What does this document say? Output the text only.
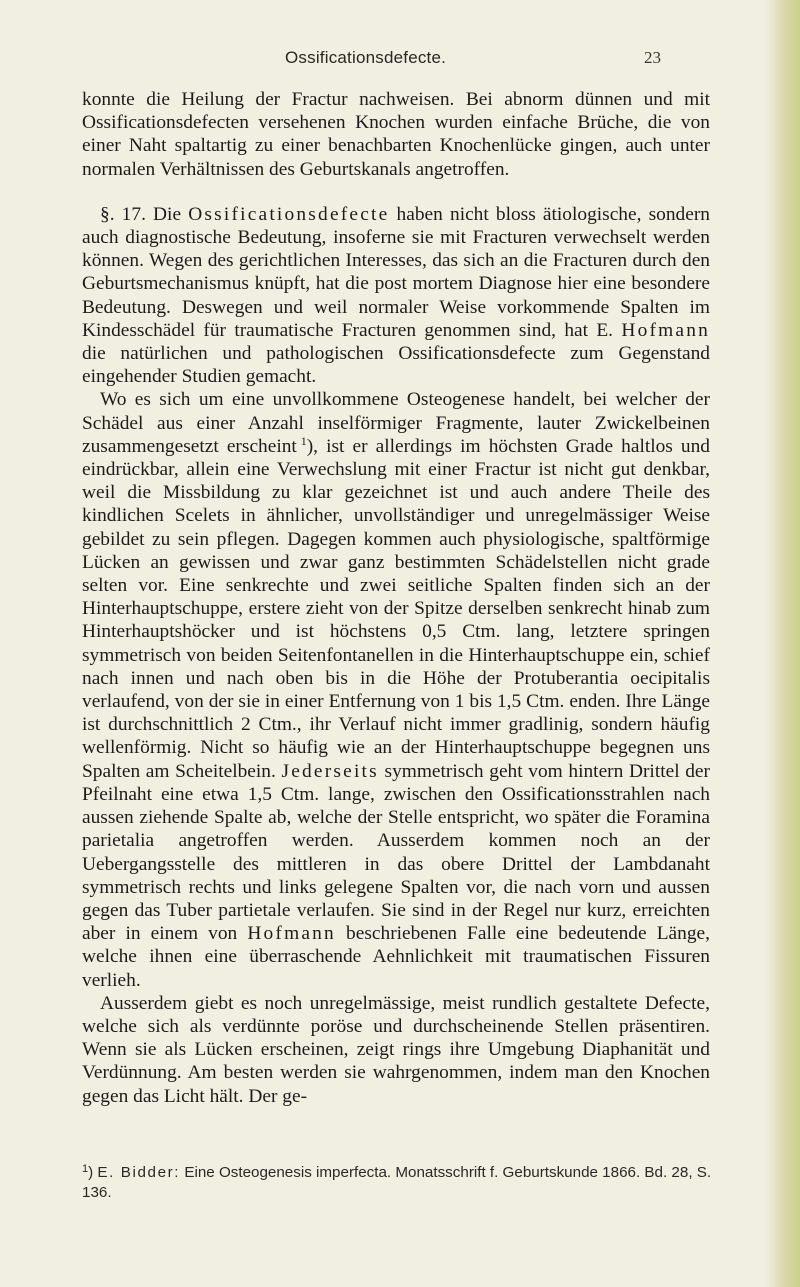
Ossificationsdefecte.	23

konnte die Heilung der Fractur nachweisen. Bei abnorm dünnen und mit Ossificationsdefecten versehenen Knochen wurden einfache Brüche, die von einer Naht spaltartig zu einer benachbarten Knochenlücke gingen, auch unter normalen Verhältnissen des Geburtskanals angetroffen.

§. 17. Die Ossificationsdefecte haben nicht bloss ätiologische, sondern auch diagnostische Bedeutung, insoferne sie mit Fracturen verwechselt werden können. Wegen des gerichtlichen Interesses, das sich an die Fracturen durch den Geburtsmechanismus knüpft, hat die post mortem Diagnose hier eine besondere Bedeutung. Deswegen und weil normaler Weise vorkommende Spalten im Kindesschädel für traumatische Fracturen genommen sind, hat E. Hofmann die natürlichen und pathologischen Ossificationsdefecte zum Gegenstand eingehender Studien gemacht.

Wo es sich um eine unvollkommene Osteogenese handelt, bei welcher der Schädel aus einer Anzahl inselförmiger Fragmente, lauter Zwickelbeinen zusammengesetzt erscheint  $^1$), ist er allerdings im höchsten Grade haltlos und eindrückbar, allein eine Verwechslung mit einer Fractur ist nicht gut denkbar, weil die Missbildung zu klar gezeichnet ist und auch andere Theile des kindlichen Scelets in ähnlicher, unvollständiger und unregelmässiger Weise gebildet zu sein pflegen. Dagegen kommen auch physiologische, spaltförmige Lücken an gewissen und zwar ganz bestimmten Schädelstellen nicht grade selten vor. Eine senkrechte und zwei seitliche Spalten finden sich an der Hinterhauptschuppe, erstere zieht von der Spitze derselben senkrecht hinab zum Hinterhauptshöcker und ist höchstens 0,5 Ctm. lang, letztere springen symmetrisch von beiden Seitenfontanellen in die Hinterhauptschuppe ein, schief nach innen und nach oben bis in die Höhe der Protuberantia oecipitalis verlaufend, von der sie in einer Entfernung von 1 bis 1,5 Ctm. enden. Ihre Länge ist durchschnittlich 2 Ctm., ihr Verlauf nicht immer gradlinig, sondern häufig wellenförmig. Nicht so häufig wie an der Hinterhauptschuppe begegnen uns Spalten am Scheitelbein. Jederseits symmetrisch geht vom hintern Drittel der Pfeilnaht eine etwa 1,5 Ctm. lange, zwischen den Ossificationsstrahlen nach aussen ziehende Spalte ab, welche der Stelle entspricht, wo später die Foramina parietalia angetroffen werden. Ausserdem kommen noch an der Uebergangsstelle des mittleren in das obere Drittel der Lambdanaht symmetrisch rechts und links gelegene Spalten vor, die nach vorn und aussen gegen das Tuber partietale verlaufen. Sie sind in der Regel nur kurz, erreichten aber in einem von Hofmann beschriebenen Falle eine bedeutende Länge, welche ihnen eine überraschende Aehnlichkeit mit traumatischen Fissuren verlieh.

Ausserdem giebt es noch unregelmässige, meist rundlich gestaltete Defecte, welche sich als verdünnte poröse und durchscheinende Stellen präsentiren. Wenn sie als Lücken erscheinen, zeigt rings ihre Umgebung Diaphanität und Verdünnung. Am besten werden sie wahrgenommen, indem man den Knochen gegen das Licht hält. Der ge-

$^1$) E. Bidder: Eine Osteogenesis imperfecta. Monatsschrift f. Geburtskunde 1866. Bd. 28, S. 136.
